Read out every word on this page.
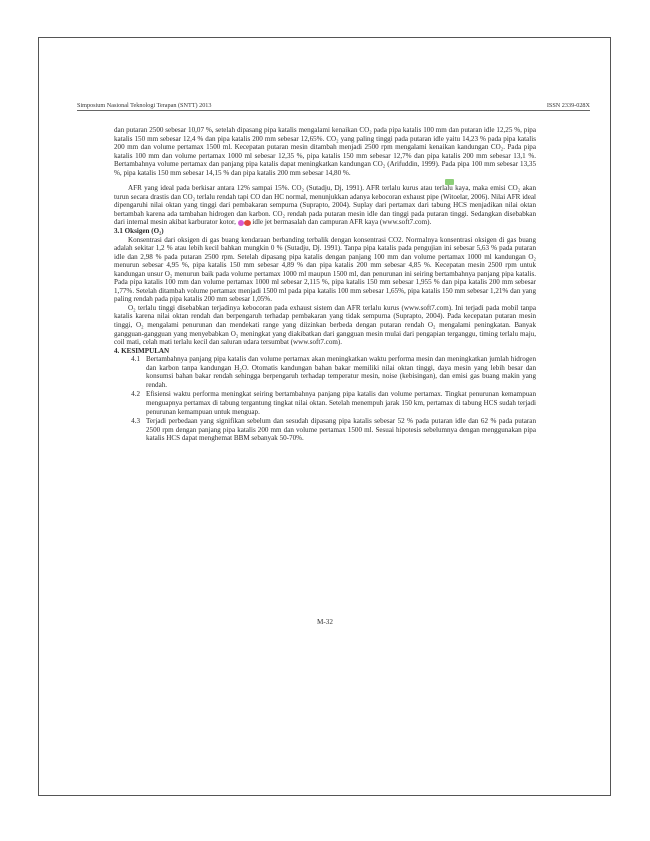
Simposium Nasional Teknologi Terapan (SNTT) 2013	ISSN 2339-028X

dan putaran 2500 sebesar 10,07 %, setelah dipasang pipa katalis mengalami kenaikan CO₂ pada pipa katalis 100 mm dan putaran idle 12,25 %, pipa katalis 150 mm sebesar 12,4 % dan pipa katalis 200 mm sebesar 12,65%. CO₂ yang paling tinggi pada putaran idle yaitu 14,23 % pada pipa katalis 200 mm dan volume pertamax 1500 ml. Kecepatan putaran mesin ditambah menjadi 2500 rpm mengalami kenaikan kandungan CO₂. Pada pipa katalis 100 mm dan volume pertamax 1000 ml sebesar 12,35 %, pipa katalis 150 mm sebesar 12,7% dan pipa katalis 200 mm sebesar 13,1 %. Bertambahnya volume pertamax dan panjang pipa katalis dapat meningkatkan kandungan CO₂ (Arifuddin, 1999). Pada pipa 100 mm sebesar 13,35 %, pipa katalis 150 mm sebesar 14,15 % dan pipa katalis 200 mm sebesar 14,80 %.

AFR yang ideal pada berkisar antara 12% sampai 15%. CO₂ (Sutadju, Dj, 1991). AFR terlalu kurus atau terlalu kaya, maka emisi CO₂ akan turun secara drastis dan CO₂ terlalu rendah tapi CO dan HC normal, menunjukkan adanya kebocoran exhaust pipe (Witoelar, 2006). Nilai AFR ideal dipengaruhi nilai oktan yang tinggi dari pembakaran sempurna (Suprapto, 2004). Suplay dari pertamax dari tabung HCS menjadikan nilai oktan bertambah karena ada tambahan hidrogen dan karbon. CO₂ rendah pada putaran mesin idle dan tinggi pada putaran tinggi. Sedangkan disebabkan dari internal mesin akibat karburator kotor, idle jet bermasalah dan campuran AFR kaya (www.soft7.com).

3.1 Oksigen (O₂)

Konsentrasi dari oksigen di gas buang kendaraan berbanding terbalik dengan konsentrasi CO2. Normalnya konsentrasi oksigen di gas buang adalah sekitar 1,2 % atau lebih kecil bahkan mungkin 0 % (Sutadju, Dj. 1991). Tanpa pipa katalis pada pengujian ini sebesar 5,63 % pada putaran idle dan 2,98 % pada putaran 2500 rpm. Setelah dipasang pipa katalis dengan panjang 100 mm dan volume pertamax 1000 ml kandungan O₂ menurun sebesar 4,95 %, pipa katalis 150 mm sebesar 4,89 % dan pipa katalis 200 mm sebesar 4,85 %. Kecepatan mesin 2500 rpm untuk kandungan unsur O₂ menurun baik pada volume pertamax 1000 ml maupun 1500 ml, dan penurunan ini seiring bertambahnya panjang pipa katalis. Pada pipa katalis 100 mm dan volume pertamax 1000 ml sebesar 2,115 %, pipa katalis 150 mm sebesar 1,955 % dan pipa katalis 200 mm sebesar 1,77%. Setelah ditambah volume pertamax menjadi 1500 ml pada pipa katalis 100 mm sebesar 1,65%, pipa katalis 150 mm sebesar 1,21% dan yang paling rendah pada pipa katalis 200 mm sebesar 1,05%.

O₂ terlalu tinggi disebabkan terjadinya kebocoran pada exhaust sistem dan AFR terlalu kurus (www.soft7.com). Ini terjadi pada mobil tanpa katalis karena nilai oktan rendah dan berpengaruh terhadap pembakaran yang tidak sempurna (Suprapto, 2004). Pada kecepatan putaran mesin tinggi, O₂ mengalami penurunan dan mendekati range yang diizinkan berbeda dengan putaran rendah O₂ mengalami peningkatan. Banyak gangguan-gangguan yang menyebabkan O₂ meningkat yang diakibatkan dari gangguan mesin mulai dari pengapian terganggu, timing terlalu maju, coil mati, celah mati terlalu kecil dan saluran udara tersumbat (www.soft7.com).

4. KESIMPULAN

4.1 Bertambahnya panjang pipa katalis dan volume pertamax akan meningkatkan waktu performa mesin dan meningkatkan jumlah hidrogen dan karbon tanpa kandungan H₂O. Otomatis kandungan bahan bakar memiliki nilai oktan tinggi, daya mesin yang lebih besar dan konsumsi bahan bakar rendah sehingga berpengaruh terhadap temperatur mesin, noise (kebisingan), dan emisi gas buang makin yang rendah.
4.2 Efisiensi waktu performa meningkat seiring bertambahnya panjang pipa katalis dan volume pertamax. Tingkat penurunan kemampuan menguapnya pertamax di tabung tergantung tingkat nilai oktan. Setelah menempuh jarak 150 km, pertamax di tabung HCS sudah terjadi penurunan kemampuan untuk menguap.
4.3 Terjadi perbedaan yang signifikan sebelum dan sesudah dipasang pipa katalis sebesar 52 % pada putaran idle dan 62 % pada putaran 2500 rpm dengan panjang pipa katalis 200 mm dan volume pertamax 1500 ml. Sesuai hipotesis sebelumnya dengan menggunakan pipa katalis HCS dapat menghemat BBM sebanyak 50-70%.
M-32
